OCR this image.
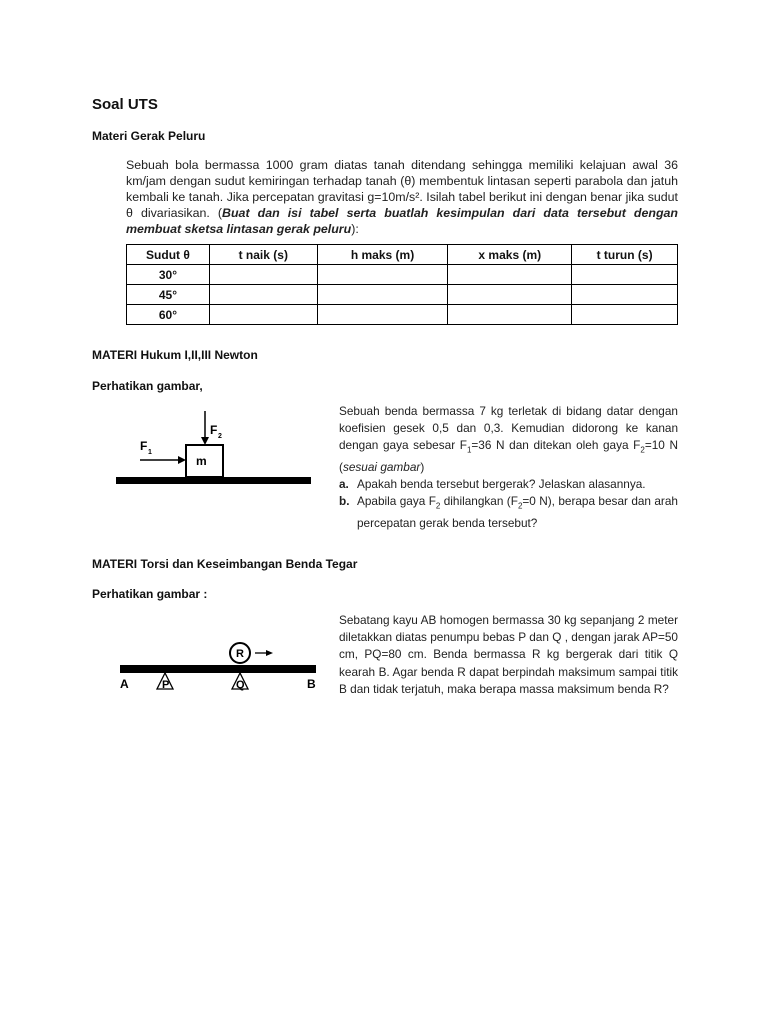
Soal UTS
Materi Gerak Peluru
Sebuah bola bermassa 1000 gram diatas tanah ditendang sehingga memiliki kelajuan awal 36 km/jam dengan sudut kemiringan terhadap tanah (θ) membentuk lintasan seperti parabola dan jatuh kembali ke tanah. Jika percepatan gravitasi g=10m/s². Isilah tabel berikut ini dengan benar jika sudut θ divariasikan. (Buat dan isi tabel serta buatlah kesimpulan dari data tersebut dengan membuat sketsa lintasan gerak peluru):
Sudut θ	t naik (s)	h maks (m)	x maks (m)	t turun (s)
30°				
45°				
60°				
MATERI Hukum I,II,III Newton
Perhatikan gambar,
m
F 1
F 2
Sebuah benda bermassa 7 kg terletak di bidang datar dengan koefisien gesek 0,5 dan 0,3. Kemudian didorong ke kanan dengan gaya sebesar $F_1=36$ N dan ditekan oleh gaya $F_2=10$ N (sesuai gambar)
a. Apakah benda tersebut bergerak? Jelaskan alasannya.
b. Apabila gaya $F_2$ dihilangkan ($F_2=0$ N), berapa besar dan arah percepatan gerak benda tersebut?
MATERI Torsi dan Keseimbangan Benda Tegar
Perhatikan gambar :
R
A	P	Q	B
Sebatang kayu AB homogen bermassa 30 kg sepanjang 2 meter diletakkan diatas penumpu bebas P dan Q , dengan jarak AP=50 cm, PQ=80 cm. Benda bermassa R kg bergerak dari titik Q kearah B. Agar benda R dapat berpindah maksimum sampai titik B dan tidak terjatuh, maka berapa massa maksimum benda R?
